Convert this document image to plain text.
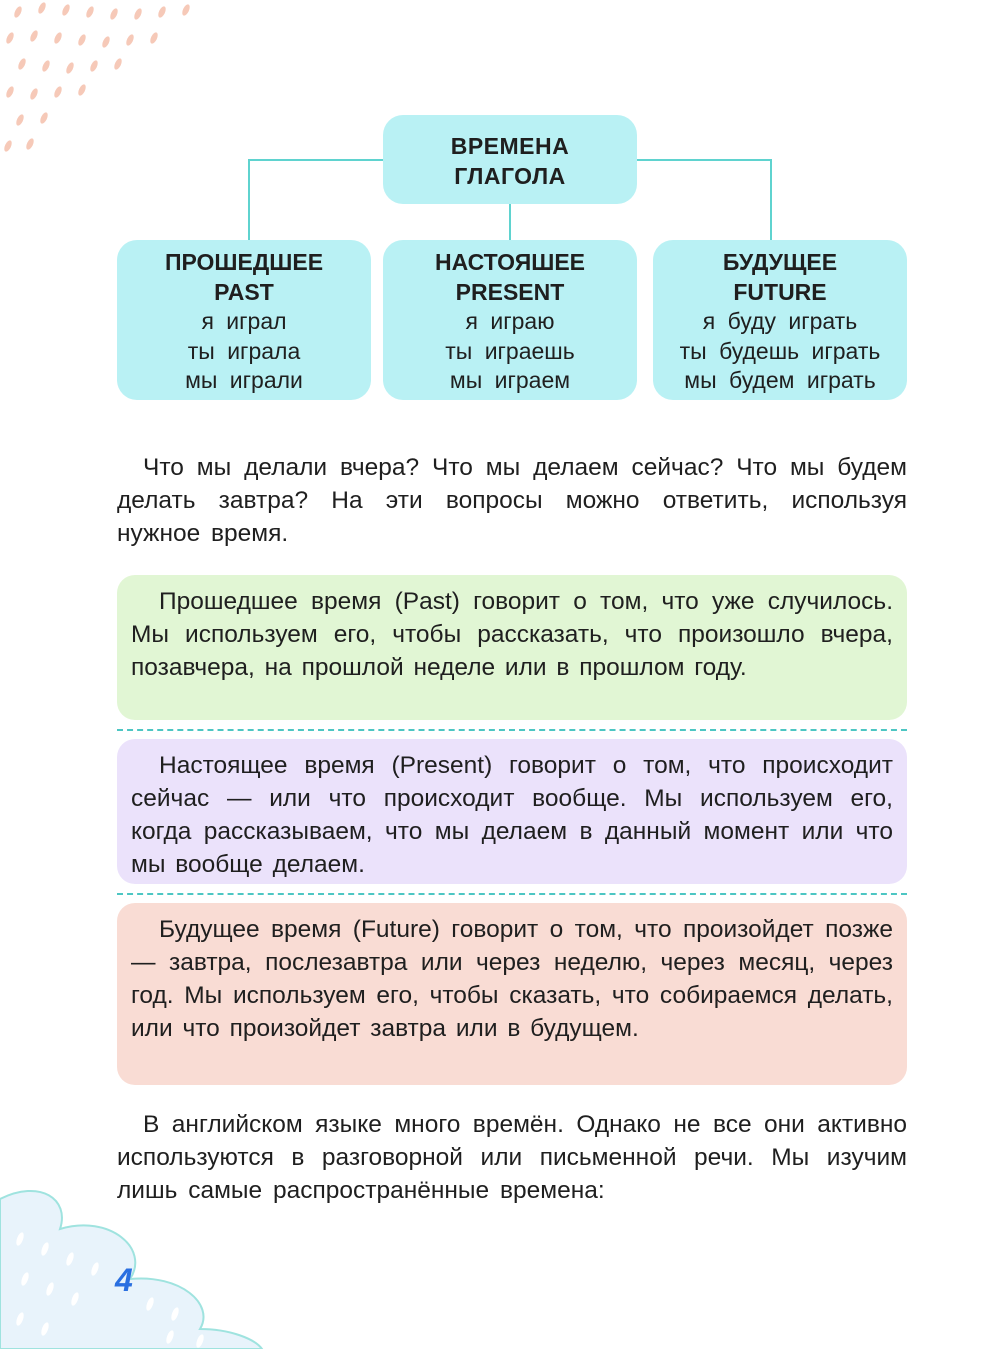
ВРЕМЕНА
ГЛАГОЛА
ПРОШЕДШЕЕ
PAST
я играл
ты играла
мы играли
НАСТОЯШЕЕ
PRESENT
я играю
ты играешь
мы играем
БУДУЩЕЕ
FUTURE
я буду играть
ты будешь играть
мы будем играть

Что мы делали вчера? Что мы делаем сейчас? Что мы будем делать завтра? На эти вопросы можно ответить, используя нужное время.

Прошедшее время (Past) говорит о том, что уже случилось. Мы используем его, чтобы рассказать, что произошло вчера, позавчера, на прошлой неделе или в прошлом году.

Настоящее время (Present) говорит о том, что происходит сейчас — или что происходит вообще. Мы используем его, когда рассказываем, что мы делаем в данный момент или что мы вообще делаем.

Будущее время (Future) говорит о том, что произойдет позже — завтра, послезавтра или через неделю, через месяц, через год. Мы используем его, чтобы сказать, что собираемся делать, или что произойдет завтра или в будущем.

В английском языке много времён. Однако не все они активно используются в разговорной или письменной речи. Мы изучим лишь самые распространённые времена:

4
